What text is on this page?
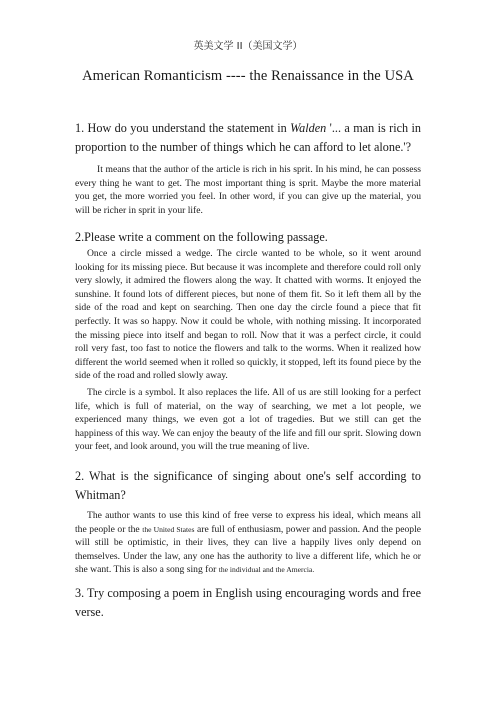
英美文学 II（美国文学）
American Romanticism ---- the Renaissance in the USA

1. How do you understand the statement in Walden '... a man is rich in proportion to the number of things which he can afford to let alone.'?

It means that the author of the article is rich in his sprit. In his mind, he can possess every thing he want to get. The most important thing is sprit. Maybe the more material you get, the more worried you feel. In other word, if you can give up the material, you will be richer in sprit in your life.

2.Please write a comment on the following passage.

Once a circle missed a wedge. The circle wanted to be whole, so it went around looking for its missing piece. But because it was incomplete and therefore could roll only very slowly, it admired the flowers along the way. It chatted with worms. It enjoyed the sunshine. It found lots of different pieces, but none of them fit. So it left them all by the side of the road and kept on searching. Then one day the circle found a piece that fit perfectly. It was so happy. Now it could be whole, with nothing missing. It incorporated the missing piece into itself and began to roll. Now that it was a perfect circle, it could roll very fast, too fast to notice the flowers and talk to the worms. When it realized how different the world seemed when it rolled so quickly, it stopped, left its found piece by the side of the road and rolled slowly away.

The circle is a symbol. It also replaces the life. All of us are still looking for a perfect life, which is full of material, on the way of searching, we met a lot people, we experienced many things, we even got a lot of tragedies. But we still can get the happiness of this way. We can enjoy the beauty of the life and fill our sprit. Slowing down your feet, and look around, you will the true meaning of live.

2. What is the significance of singing about one's self according to Whitman?

The author wants to use this kind of free verse to express his ideal, which means all the people or the the United States are full of enthusiasm, power and passion. And the people will still be optimistic, in their lives, they can live a happily lives only depend on themselves. Under the law, any one has the authority to live a different life, which he or she want. This is also a song sing for the individual and the Amercia.

3. Try composing a poem in English using encouraging words and free verse.
